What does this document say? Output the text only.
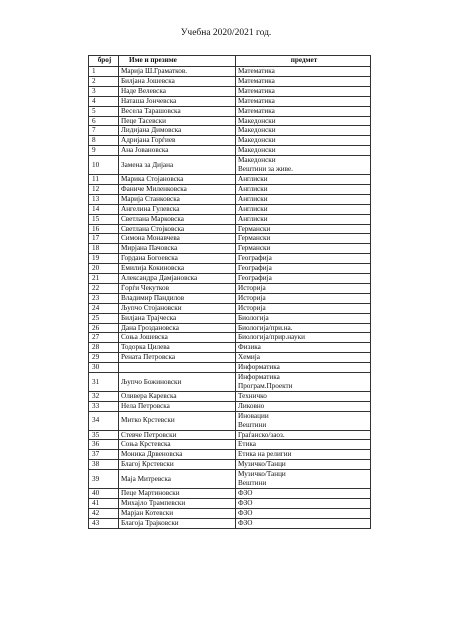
Учебна 2020/2021 год.
број	Име и презиме	предмет
1	Марија Ш.Граматков.	Математика
2	Билјана Јошевска	Математика
3	Наде Велевска	Математика
4	Наташа Јончевска	Математика
5	Весела Тарашовска	Математика
6	Пеце Тасевски	Македонски
7	Лидијана Димовска	Македонски
8	Адријана Горѓиев	Македонски
9	Ана Јовановска	Македонски
10	Замена за Дијана	Македонски
Вештини за живе.
11	Марика Стојановска	Англиски
12	Фаниче Миленковска	Англиски
13	Марија Станковска	Англиски
14	Ангелина Гулевска	Англиски
15	Светлана Марковска	Англиски
16	Светлана Стојковска	Германски
17	Симона Монавчева	Германски
18	Мирјана Пачовска	Германски
19	Гордана Богоевска	Географија
20	Емилија Кокиновска	Географија
21	Александра Дамјановска	Географија
22	Ѓорѓи Чекутков	Историја
23	Владимир Пандилов	Историја
24	Љупчо Стојановски	Историја
25	Билјана Трајческа	Биологија
26	Дана Гроздановска	Биологија/при.на.
27	Соња Јошевска	Биологија/прир.науки
28	Тодорка Цилева	Физика
29	Рената Петровска	Хемија
30		Информатика
31	Љупчо Божиновски	Информатика
Програм.Проекти
32	Оливера Каревска	Техничко
33	Нела Петровска	Ликовно
34	Митко Крстевски	Иновации
Вештини
35	Стевче Петровски	Граѓанско/заоз.
36	Соња Крстевска	Етика
37	Моника Дрвеновска	Етика на религии
38	Благој Крстевски	Музичко/Танци
39	Маја Митревска	Музичко/Танци
Вештини
40	Пеце Мартиновски	ФЗО
41	Михајло Трампевски	ФЗО
42	Марјан Котевски	ФЗО
43	Благоја Трајковски	ФЗО
